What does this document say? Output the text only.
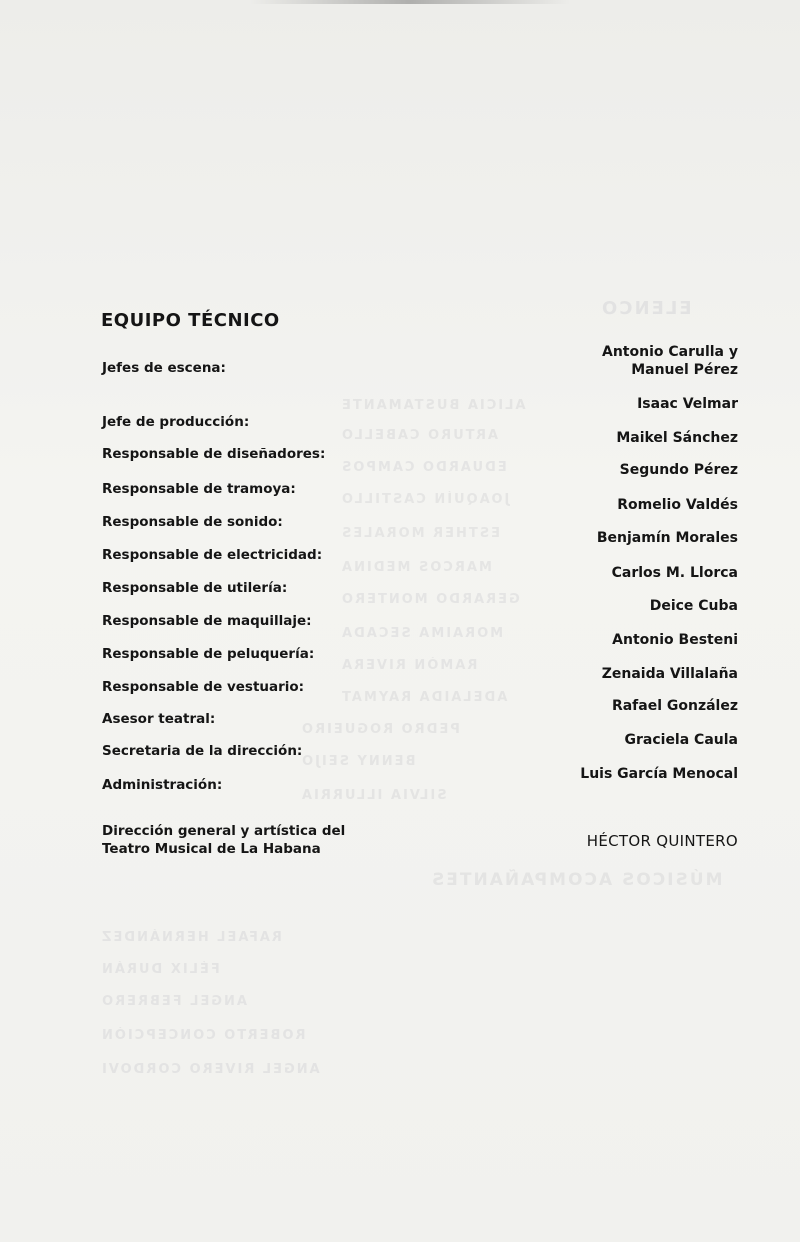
ELENCO
ALICIA BUSTAMANTE
ARTURO CABELLO
EDUARDO CAMPOS
JOAQUÍN CASTILLO
ESTHER MORALES
MARCOS MEDINA
GERARDO MONTERO
MORAIMA SECADA
RAMÓN RIVERA
ADELAIDA RAYMAT
PEDRO ROGUEIRO
BENNY SEIJO
SILVIA ILLURRIA
MÚSICOS ACOMPAÑANTES
RAFAEL HERNÁNDEZ
FÉLIX DURÁN
ANGEL FEBRERO
ROBERTO CONCEPCIÓN
ANGEL RIVERO CORDOVI
EQUIPO TÉCNICO
Jefes de escena:
Antonio Carulla y
Manuel Pérez
Jefe de producción:
Isaac Velmar
Responsable de diseñadores:
Maikel Sánchez
Responsable de tramoya:
Segundo Pérez
Responsable de sonido:
Romelio Valdés
Responsable de electricidad:
Benjamín Morales
Responsable de utilería:
Carlos M. Llorca
Responsable de maquillaje:
Deice Cuba
Responsable de peluquería:
Antonio Besteni
Responsable de vestuario:
Zenaida Villalaña
Asesor teatral:
Rafael González
Secretaria de la dirección:
Graciela Caula
Administración:
Luis García Menocal
Dirección general y artística del
Teatro Musical de La Habana	HÉCTOR QUINTERO
